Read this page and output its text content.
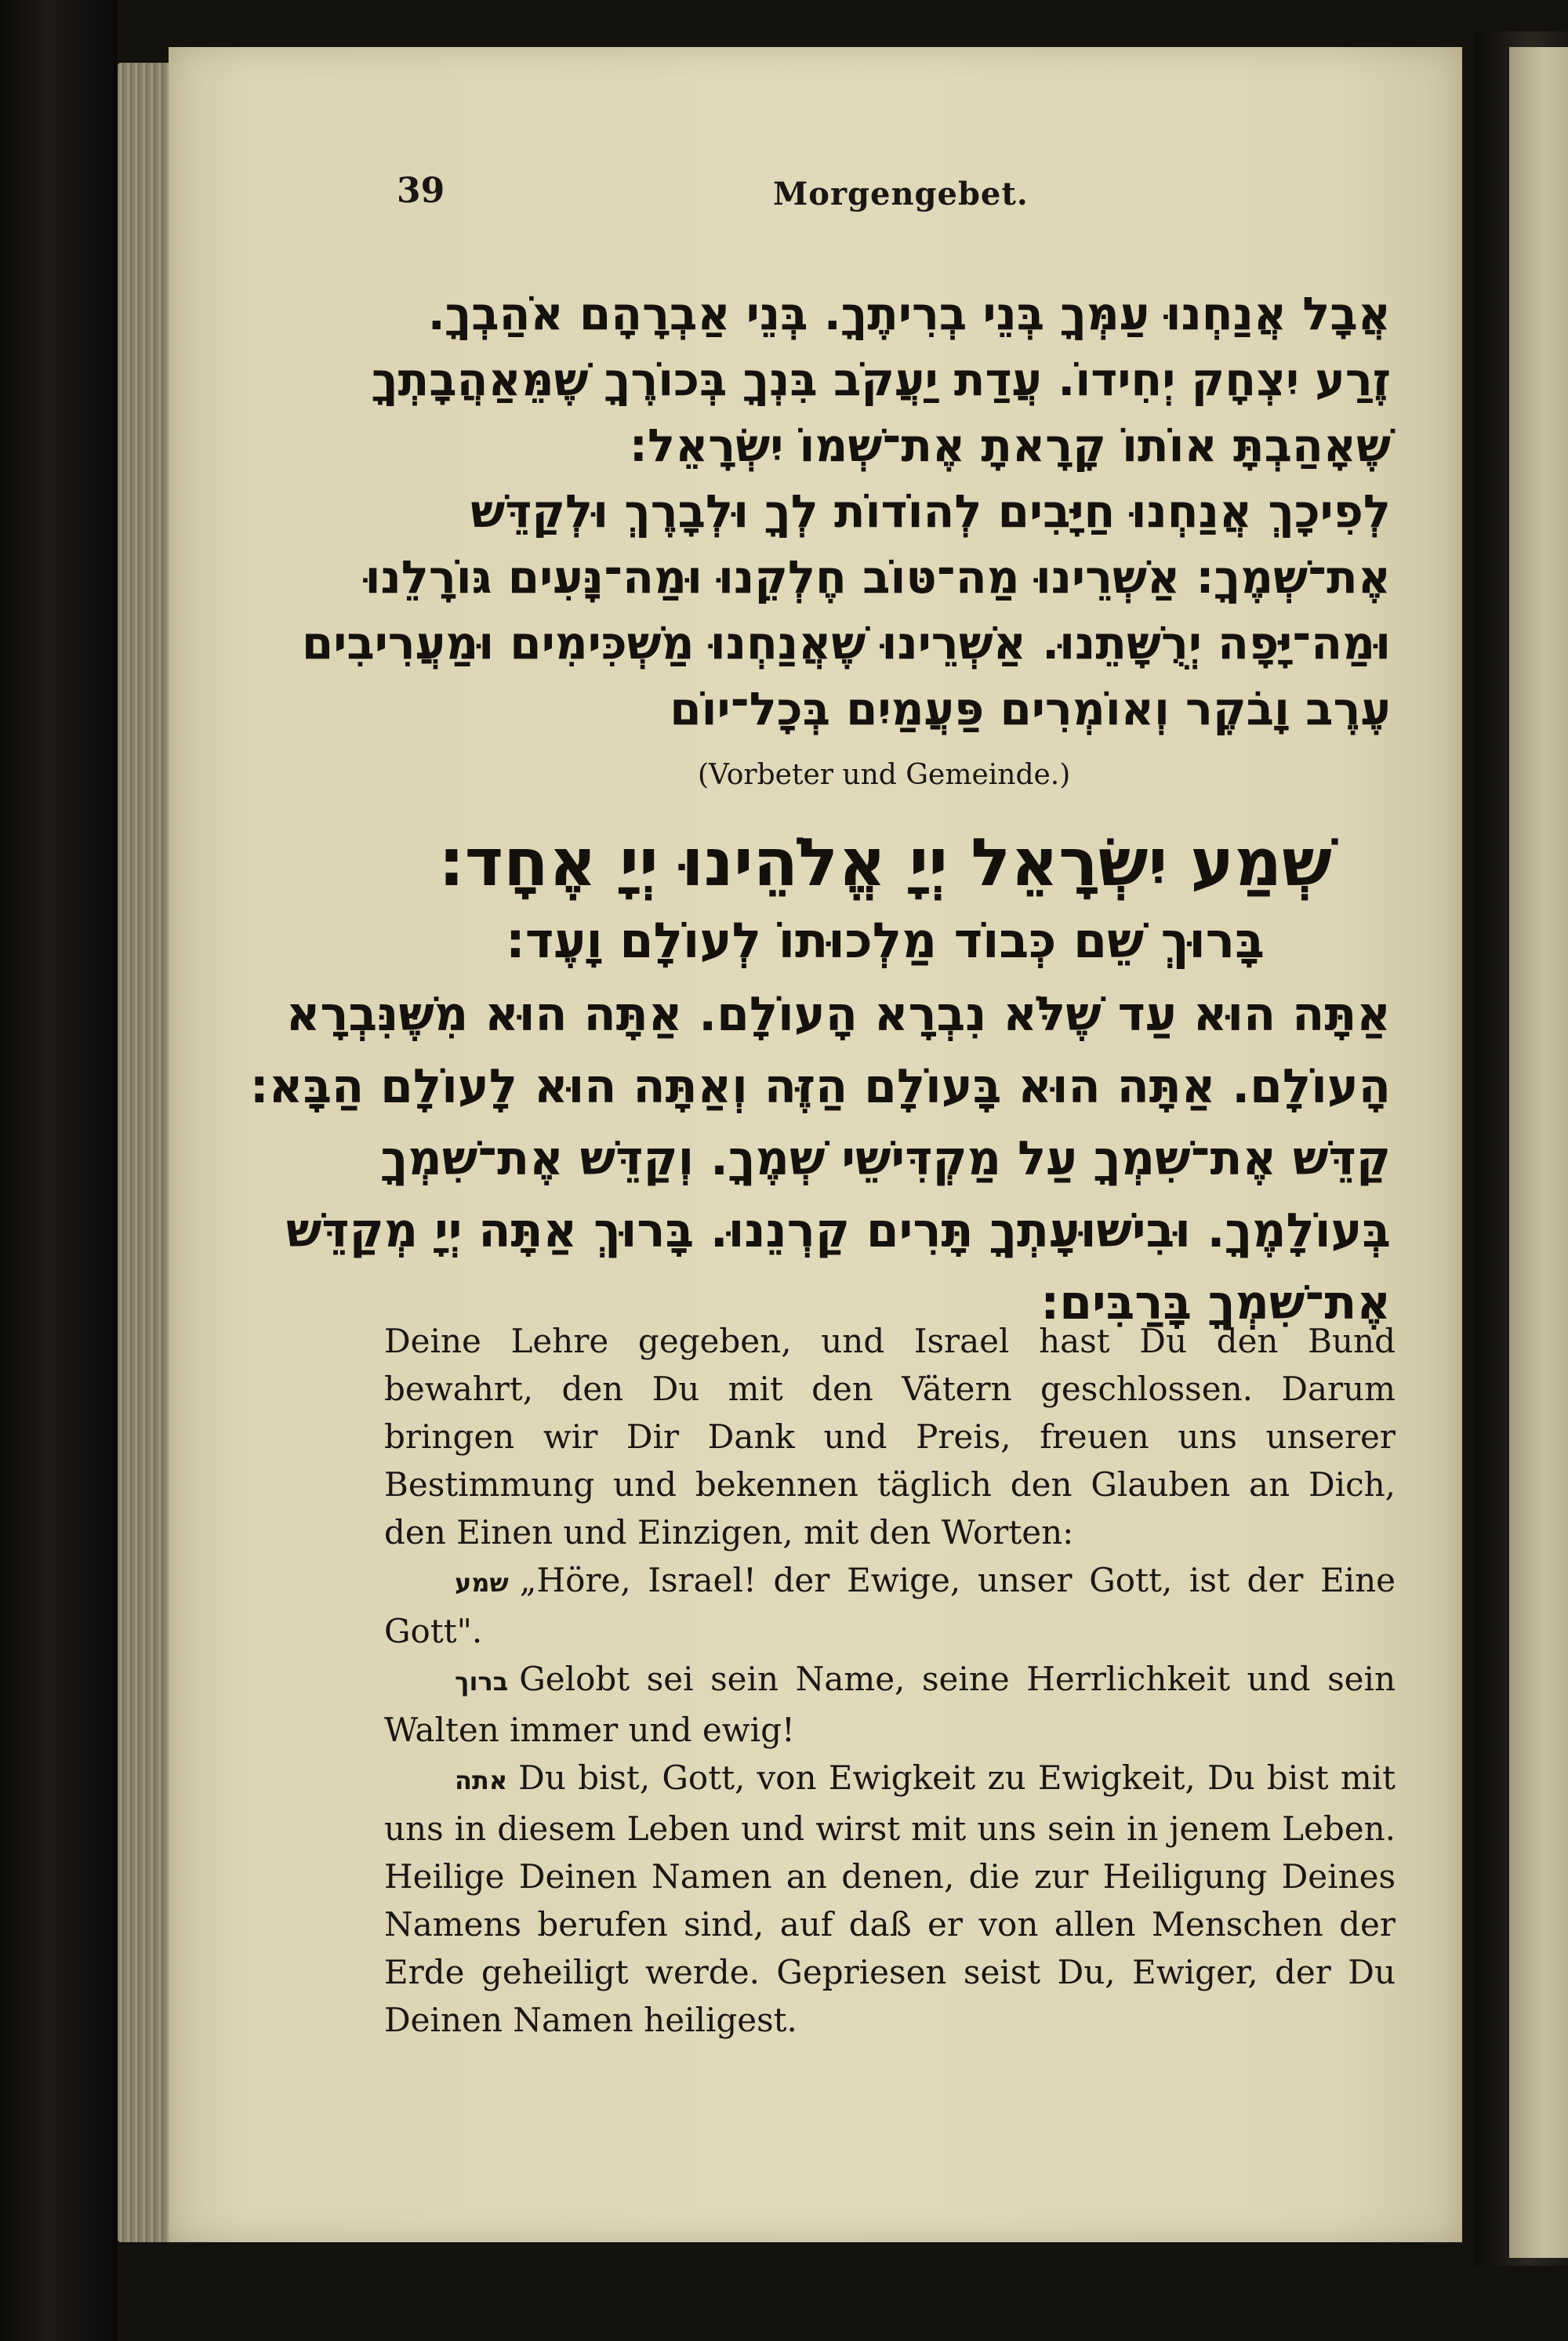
39	Morgengebet.
אֲבָל אֲנַחְנוּ עַמְּךָ בְּנֵי בְרִיתֶךָ. בְּנֵי אַבְרָהָם אֹהַבְךָ.
זֶרַע יִצְחָק יְחִידוֹ. עֲדַת יַעֲקֹב בִּנְךָ בְּכוֹרֶךָ שֶׁמֵּאַהֲבָתְךָ
שֶׁאָהַבְתָּ אוֹתוֹ קָרָאתָ אֶת־שְׁמוֹ יִשְׂרָאֵל:
לְפִיכָךְ אֲנַחְנוּ חַיָּבִים לְהוֹדוֹת לְךָ וּלְבָרֶךְ וּלְקַדֵּשׁ
אֶת־שְׁמֶךָ: אַשְׁרֵינוּ מַה־טּוֹב חֶלְקֵנוּ וּמַה־נָּעִים גּוֹרָלֵנוּ
וּמַה־יָּפָה יְרֻשָּׁתֵנוּ. אַשְׁרֵינוּ שֶׁאֲנַחְנוּ מַשְׁכִּימִים וּמַעֲרִיבִים
עֶרֶב וָבֹקֶר וְאוֹמְרִים פַּעֲמַיִם בְּכָל־יוֹם
(Vorbeter und Gemeinde.)
שְׁמַע יִשְׂרָאֵל יְיָ אֱלֹהֵינוּ יְיָ אֶחָד:
בָּרוּךְ שֵׁם כְּבוֹד מַלְכוּתוֹ לְעוֹלָם וָעֶד:
אַתָּה הוּא עַד שֶׁלֹּא נִבְרָא הָעוֹלָם. אַתָּה הוּא מִשֶּׁנִּבְרָא
הָעוֹלָם. אַתָּה הוּא בָּעוֹלָם הַזֶּה וְאַתָּה הוּא לָעוֹלָם הַבָּא:
קַדֵּשׁ אֶת־שִׁמְךָ עַל מַקְדִּישֵׁי שְׁמֶךָ. וְקַדֵּשׁ אֶת־שִׁמְךָ
בְּעוֹלָמֶךָ. וּבִישׁוּעָתְךָ תָּרִים קַרְנֵנוּ. בָּרוּךְ אַתָּה יְיָ מְקַדֵּשׁ
אֶת־שִׁמְךָ בָּרַבִּים:

Deine Lehre gegeben, und Israel hast Du den Bund bewahrt, den Du mit den Vätern geschlossen. Darum bringen wir Dir Dank und Preis, freuen uns unserer Bestimmung und bekennen täglich den Glauben an Dich, den Einen und Einzigen, mit den Worten:

שמע „Höre, Israel! der Ewige, unser Gott, ist der Eine Gott".

ברוך Gelobt sei sein Name, seine Herrlichkeit und sein Walten immer und ewig!

אתה Du bist, Gott, von Ewigkeit zu Ewigkeit, Du bist mit uns in diesem Leben und wirst mit uns sein in jenem Leben. Heilige Deinen Namen an denen, die zur Heiligung Deines Namens berufen sind, auf daß er von allen Menschen der Erde geheiligt werde. Gepriesen seist Du, Ewiger, der Du Deinen Namen heiligest.
